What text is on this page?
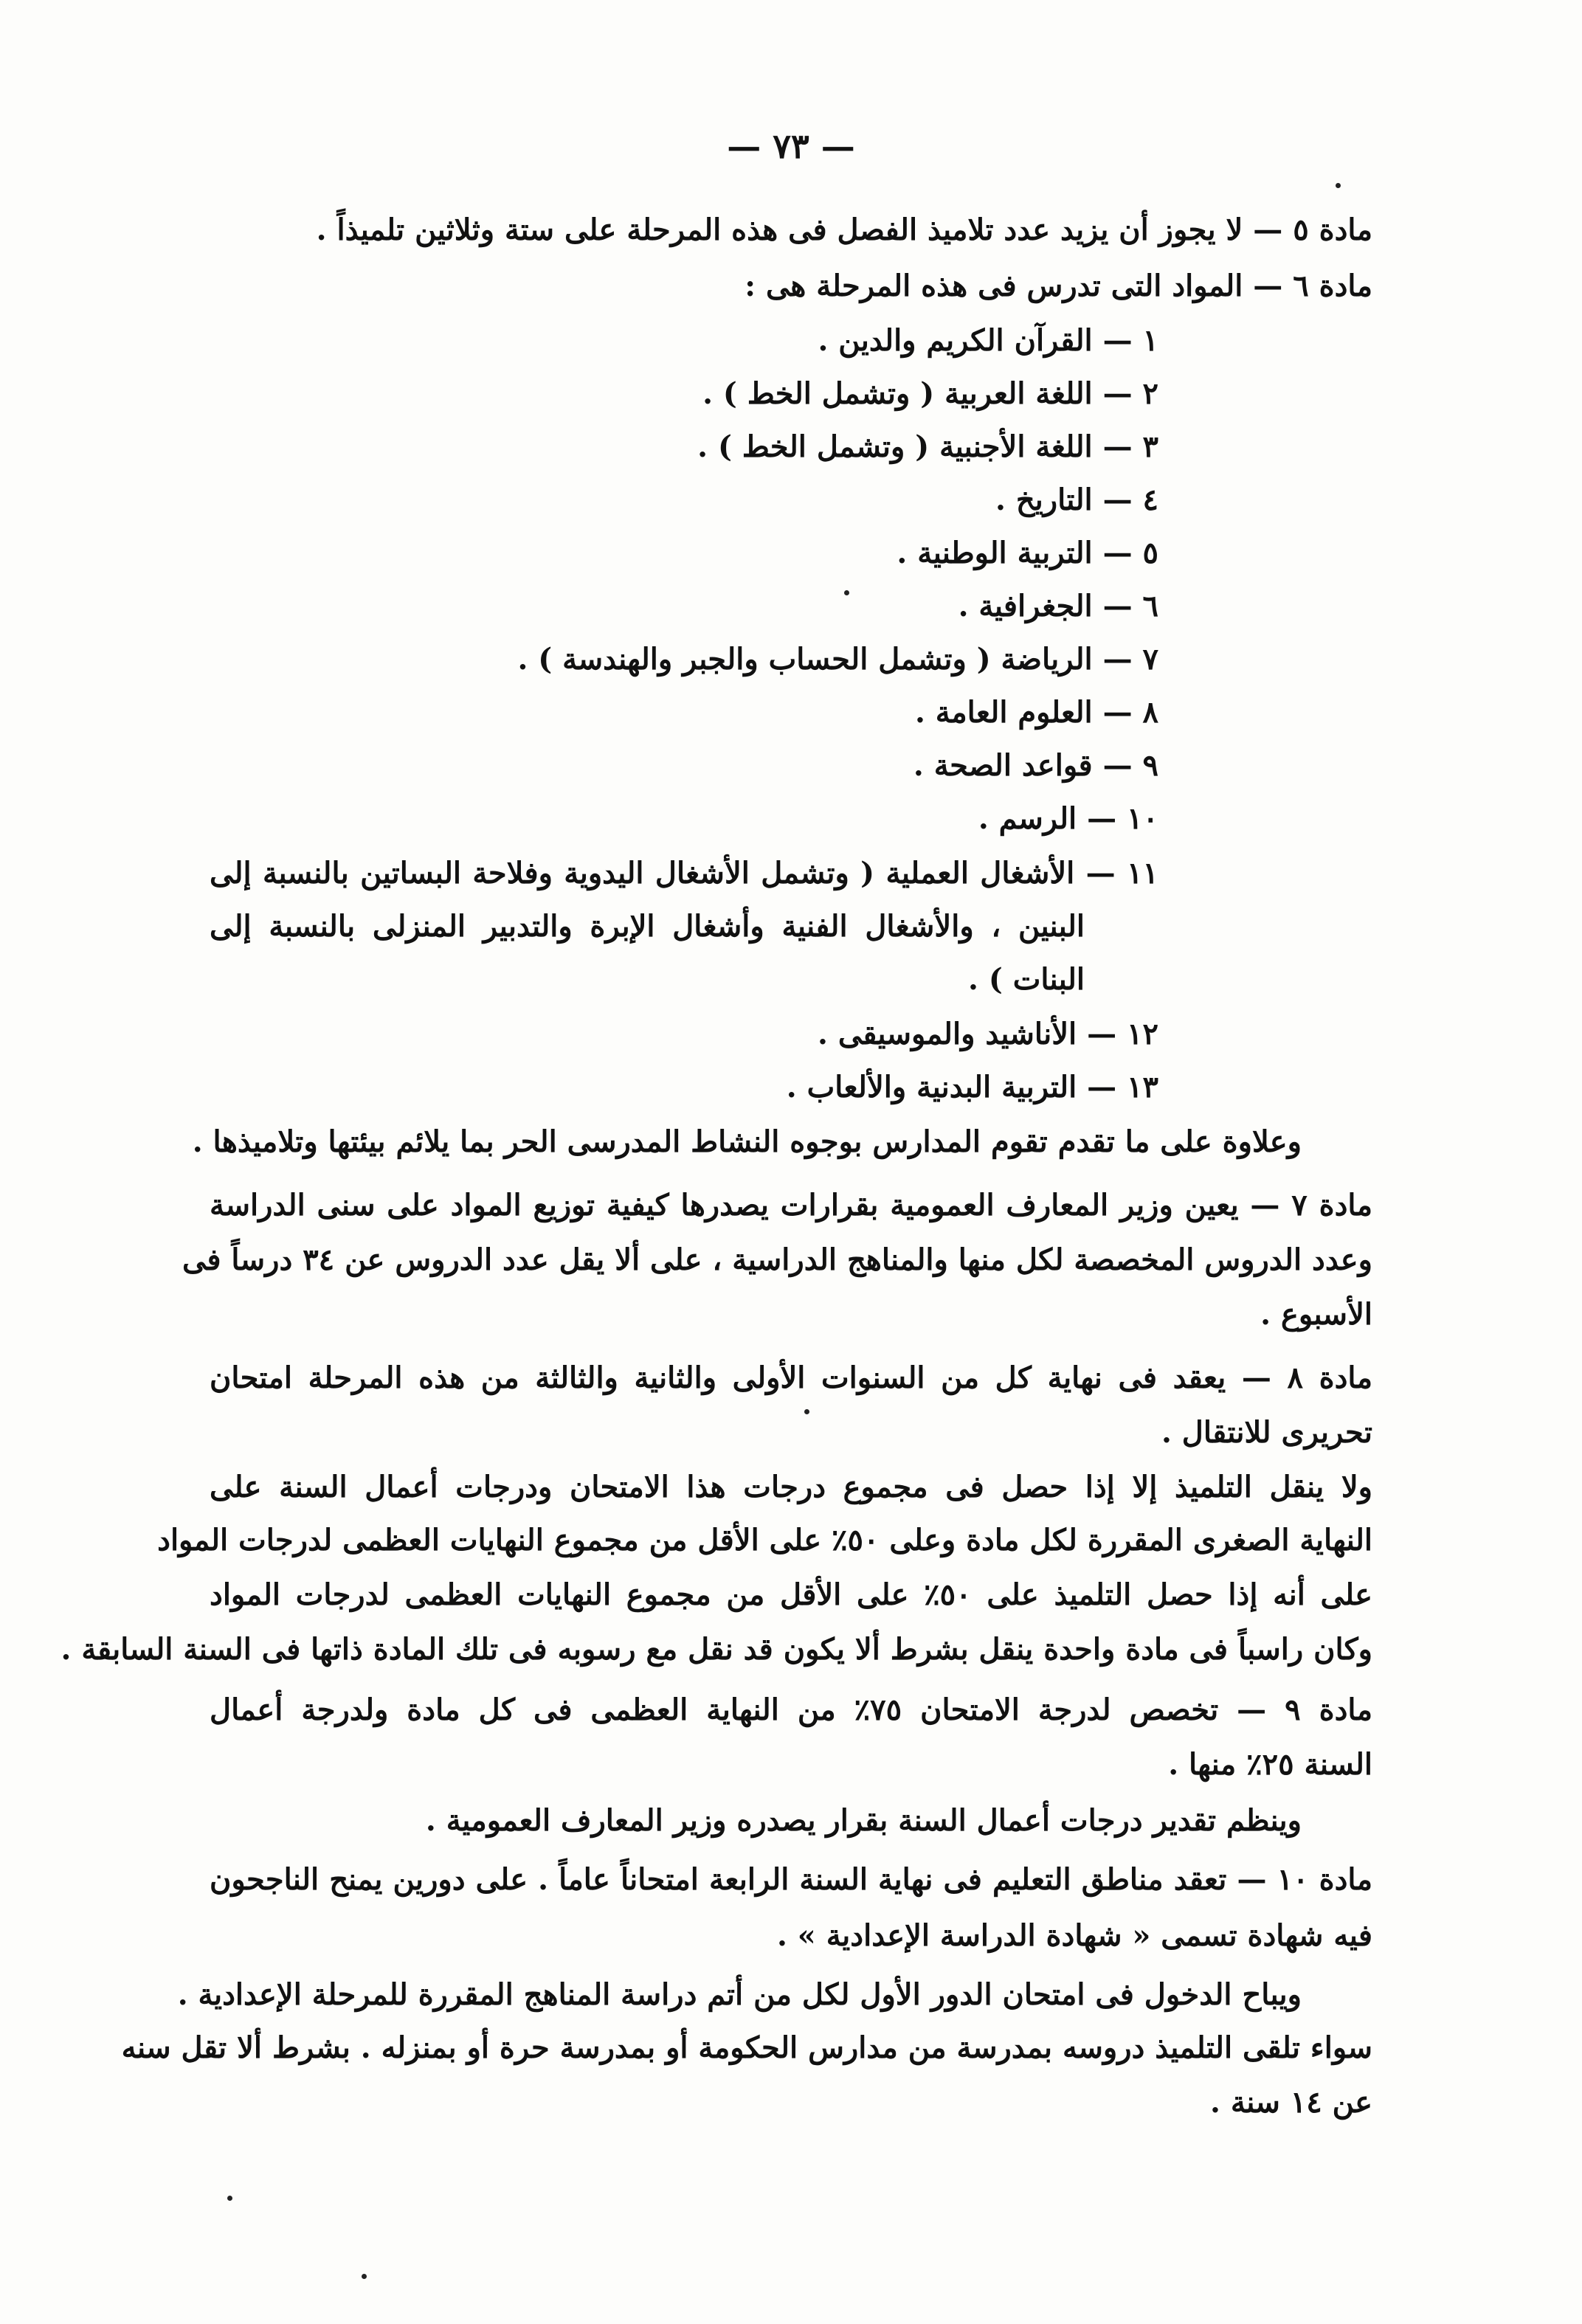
— ٧٣ —
مادة ٥ — لا يجوز أن يزيد عدد تلاميذ الفصل فى هذه المرحلة على ستة وثلاثين تلميذاً .
مادة ٦ — المواد التى تدرس فى هذه المرحلة هى :
١ — القرآن الكريم والدين .
٢ — اللغة العربية ( وتشمل الخط ) .
٣ — اللغة الأجنبية ( وتشمل الخط ) .
٤ — التاريخ .
٥ — التربية الوطنية .
٦ — الجغرافية .
٧ — الرياضة ( وتشمل الحساب والجبر والهندسة ) .
٨ — العلوم العامة .
٩ — قواعد الصحة .
١٠ — الرسم .
١١ — الأشغال العملية ( وتشمل الأشغال اليدوية وفلاحة البساتين بالنسبة إلى
البنين ، والأشغال الفنية وأشغال الإبرة والتدبير المنزلى بالنسبة إلى
البنات ) .
١٢ — الأناشيد والموسيقى .
١٣ — التربية البدنية والألعاب .
وعلاوة على ما تقدم تقوم المدارس بوجوه النشاط المدرسى الحر بما يلائم بيئتها وتلاميذها .
مادة ٧ — يعين وزير المعارف العمومية بقرارات يصدرها كيفية توزيع المواد على سنى الدراسة
وعدد الدروس المخصصة لكل منها والمناهج الدراسية ، على ألا يقل عدد الدروس عن ٣٤ درساً فى
الأسبوع .
مادة ٨ — يعقد فى نهاية كل من السنوات الأولى والثانية والثالثة من هذه المرحلة امتحان
تحريرى للانتقال .
ولا ينقل التلميذ إلا إذا حصل فى مجموع درجات هذا الامتحان ودرجات أعمال السنة على
النهاية الصغرى المقررة لكل مادة وعلى ٥٠٪ على الأقل من مجموع النهايات العظمى لدرجات المواد
على أنه إذا حصل التلميذ على ٥٠٪ على الأقل من مجموع النهايات العظمى لدرجات المواد
وكان راسباً فى مادة واحدة ينقل بشرط ألا يكون قد نقل مع رسوبه فى تلك المادة ذاتها فى السنة السابقة .
مادة ٩ — تخصص لدرجة الامتحان ٧٥٪ من النهاية العظمى فى كل مادة ولدرجة أعمال
السنة ٢٥٪ منها .
وينظم تقدير درجات أعمال السنة بقرار يصدره وزير المعارف العمومية .
مادة ١٠ — تعقد مناطق التعليم فى نهاية السنة الرابعة امتحاناً عاماً . على دورين يمنح الناجحون
فيه شهادة تسمى « شهادة الدراسة الإعدادية » .
ويباح الدخول فى امتحان الدور الأول لكل من أتم دراسة المناهج المقررة للمرحلة الإعدادية .
سواء تلقى التلميذ دروسه بمدرسة من مدارس الحكومة أو بمدرسة حرة أو بمنزله . بشرط ألا تقل سنه
عن ١٤ سنة .
